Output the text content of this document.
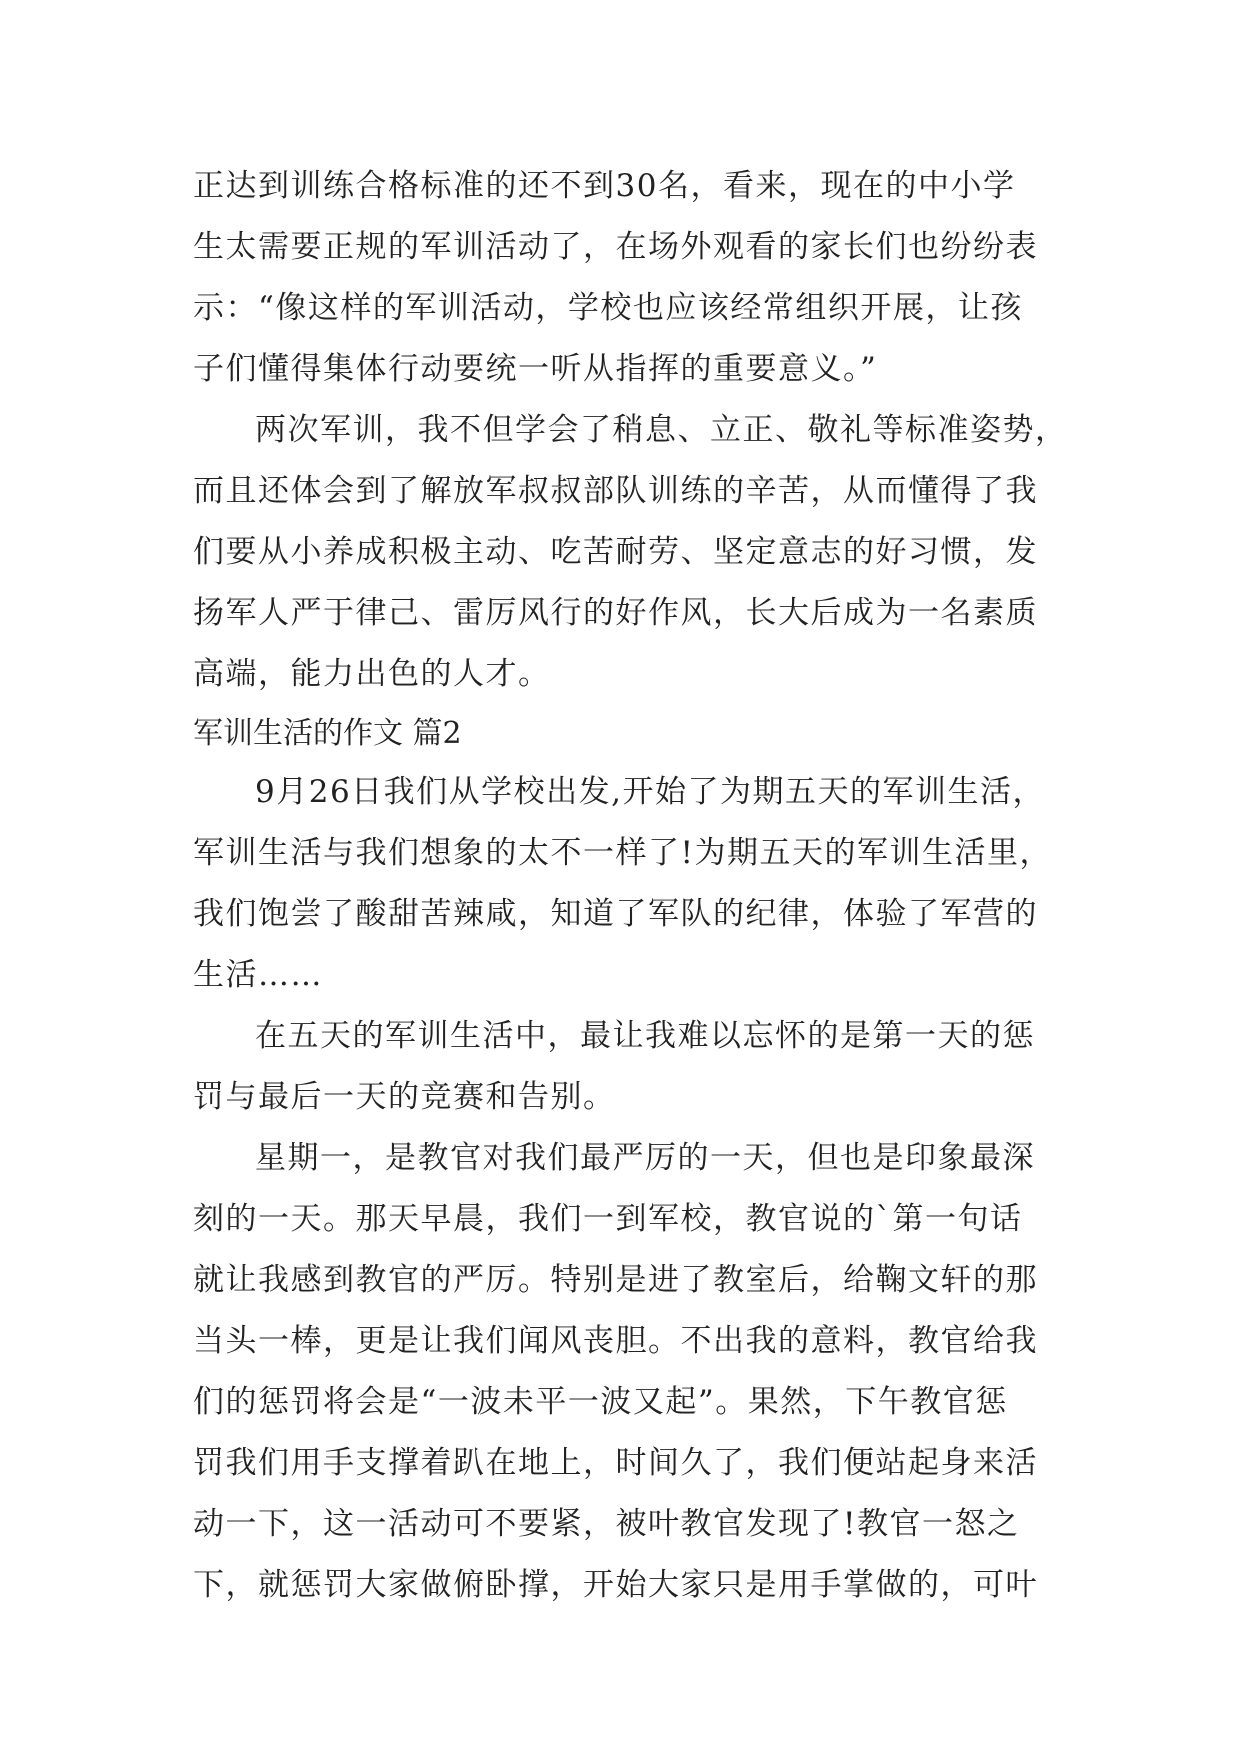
正达到训练合格标准的还不到30名，看来，现在的中小学
生太需要正规的军训活动了，在场外观看的家长们也纷纷表
示：“像这样的军训活动，学校也应该经常组织开展，让孩
子们懂得集体行动要统一听从指挥的重要意义。”
两次军训，我不但学会了稍息、立正、敬礼等标准姿势，
而且还体会到了解放军叔叔部队训练的辛苦，从而懂得了我
们要从小养成积极主动、吃苦耐劳、坚定意志的好习惯，发
扬军人严于律己、雷厉风行的好作风，长大后成为一名素质
高端，能力出色的人才。
军训生活的作文 篇2
9月26日我们从学校出发,开始了为期五天的军训生活，
军训生活与我们想象的太不一样了!为期五天的军训生活里，
我们饱尝了酸甜苦辣咸，知道了军队的纪律，体验了军营的
生活……
在五天的军训生活中，最让我难以忘怀的是第一天的惩
罚与最后一天的竞赛和告别。
星期一，是教官对我们最严厉的一天，但也是印象最深
刻的一天。那天早晨，我们一到军校，教官说的`第一句话
就让我感到教官的严厉。特别是进了教室后，给鞠文轩的那
当头一棒，更是让我们闻风丧胆。不出我的意料，教官给我
们的惩罚将会是“一波未平一波又起”。果然，下午教官惩
罚我们用手支撑着趴在地上，时间久了，我们便站起身来活
动一下，这一活动可不要紧，被叶教官发现了!教官一怒之
下，就惩罚大家做俯卧撑，开始大家只是用手掌做的，可叶
